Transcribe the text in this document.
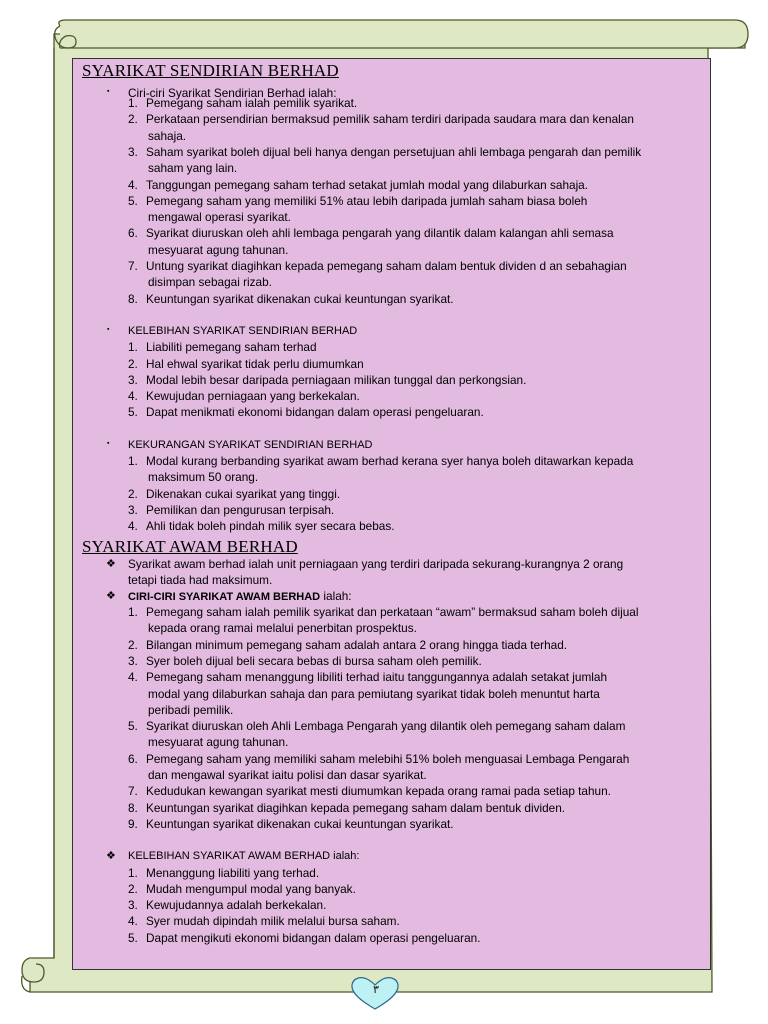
٣
SYARIKAT SENDIRIAN BERHAD
▪ Ciri-ciri Syarikat Sendirian Berhad ialah:
1. Pemegang saham ialah pemilik syarikat.
2. Perkataan persendirian bermaksud pemilik saham terdiri daripada saudara mara dan kenalan
sahaja.
3. Saham syarikat boleh dijual beli hanya dengan persetujuan ahli lembaga pengarah dan pemilik
saham yang lain.
4. Tanggungan pemegang saham terhad setakat jumlah modal yang dilaburkan sahaja.
5. Pemegang saham yang memiliki 51% atau lebih daripada jumlah saham biasa boleh
mengawal operasi syarikat.
6. Syarikat diuruskan oleh ahli lembaga pengarah yang dilantik dalam kalangan ahli semasa
mesyuarat agung tahunan.
7. Untung syarikat diagihkan kepada pemegang saham dalam bentuk dividen d an sebahagian
disimpan sebagai rizab.
8. Keuntungan syarikat dikenakan cukai keuntungan syarikat.
▪ KELEBIHAN SYARIKAT SENDIRIAN BERHAD
1. Liabiliti pemegang saham terhad
2. Hal ehwal syarikat tidak perlu diumumkan
3. Modal lebih besar daripada perniagaan milikan tunggal dan perkongsian.
4. Kewujudan perniagaan yang berkekalan.
5. Dapat menikmati ekonomi bidangan dalam operasi pengeluaran.
▪ KEKURANGAN SYARIKAT SENDIRIAN BERHAD
1. Modal kurang berbanding syarikat awam berhad kerana syer hanya boleh ditawarkan kepada
maksimum 50 orang.
2. Dikenakan cukai syarikat yang tinggi.
3. Pemilikan dan pengurusan terpisah.
4. Ahli tidak boleh pindah milik syer secara bebas.
SYARIKAT AWAM BERHAD
❖ Syarikat awam berhad ialah unit perniagaan yang terdiri daripada sekurang-kurangnya 2 orang
tetapi tiada had maksimum.
❖ CIRI-CIRI SYARIKAT AWAM BERHAD ialah:
1. Pemegang saham ialah pemilik syarikat dan perkataan “awam” bermaksud saham boleh dijual
kepada orang ramai melalui penerbitan prospektus.
2. Bilangan minimum pemegang saham adalah antara 2 orang hingga tiada terhad.
3. Syer boleh dijual beli secara bebas di bursa saham oleh pemilik.
4. Pemegang saham menanggung libiliti terhad iaitu tanggungannya adalah setakat jumlah
modal yang dilaburkan sahaja dan para pemiutang syarikat tidak boleh menuntut harta
peribadi pemilik.
5. Syarikat diuruskan oleh Ahli Lembaga Pengarah yang dilantik oleh pemegang saham dalam
mesyuarat agung tahunan.
6. Pemegang saham yang memiliki saham melebihi 51% boleh menguasai Lembaga Pengarah
dan mengawal syarikat iaitu polisi dan dasar syarikat.
7. Kedudukan kewangan syarikat mesti diumumkan kepada orang ramai pada setiap tahun.
8. Keuntungan syarikat diagihkan kepada pemegang saham dalam bentuk dividen.
9. Keuntungan syarikat dikenakan cukai keuntungan syarikat.
❖ KELEBIHAN SYARIKAT AWAM BERHAD ialah:
1. Menanggung liabiliti yang terhad.
2. Mudah mengumpul modal yang banyak.
3. Kewujudannya adalah berkekalan.
4. Syer mudah dipindah milik melalui bursa saham.
5. Dapat mengikuti ekonomi bidangan dalam operasi pengeluaran.
